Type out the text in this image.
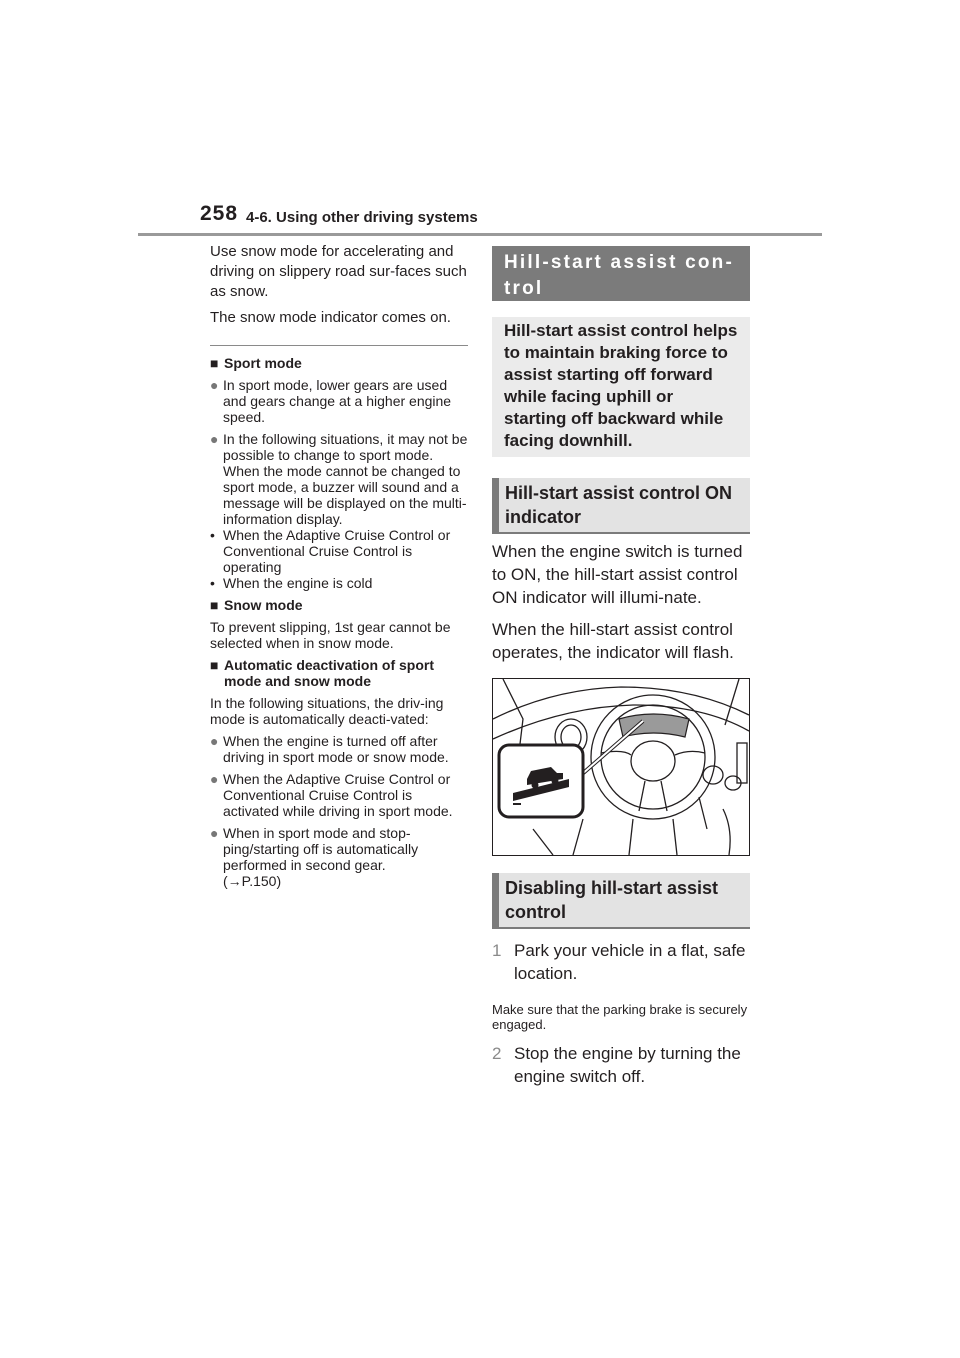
258 4-6. Using other driving systems

Use snow mode for accelerating and driving on slippery road sur-faces such as snow.

The snow mode indicator comes on.

■ Sport mode
● In sport mode, lower gears are used and gears change at a higher engine speed.
● In the following situations, it may not be possible to change to sport mode. When the mode cannot be changed to sport mode, a buzzer will sound and a message will be displayed on the multi-information display.
• When the Adaptive Cruise Control or Conventional Cruise Control is operating
• When the engine is cold
■ Snow mode

To prevent slipping, 1st gear cannot be selected when in snow mode.

■ Automatic deactivation of sport mode and snow mode

In the following situations, the driv-ing mode is automatically deacti-vated:

● When the engine is turned off after driving in sport mode or snow mode.
● When the Adaptive Cruise Control or Conventional Cruise Control is activated while driving in sport mode.
● When in sport mode and stop-ping/starting off is automatically performed in second gear.
(→P.150)
Hill-start assist con-trol
Hill-start assist control helps to maintain braking force to assist starting off forward while facing uphill or starting off backward while facing downhill.
Hill-start assist control ON indicator

When the engine switch is turned to ON, the hill-start assist control ON indicator will illumi-nate.

When the hill-start assist control operates, the indicator will flash.

Disabling hill-start assist control
1 Park your vehicle in a flat, safe location.

Make sure that the parking brake is securely engaged.

2 Stop the engine by turning the engine switch off.
